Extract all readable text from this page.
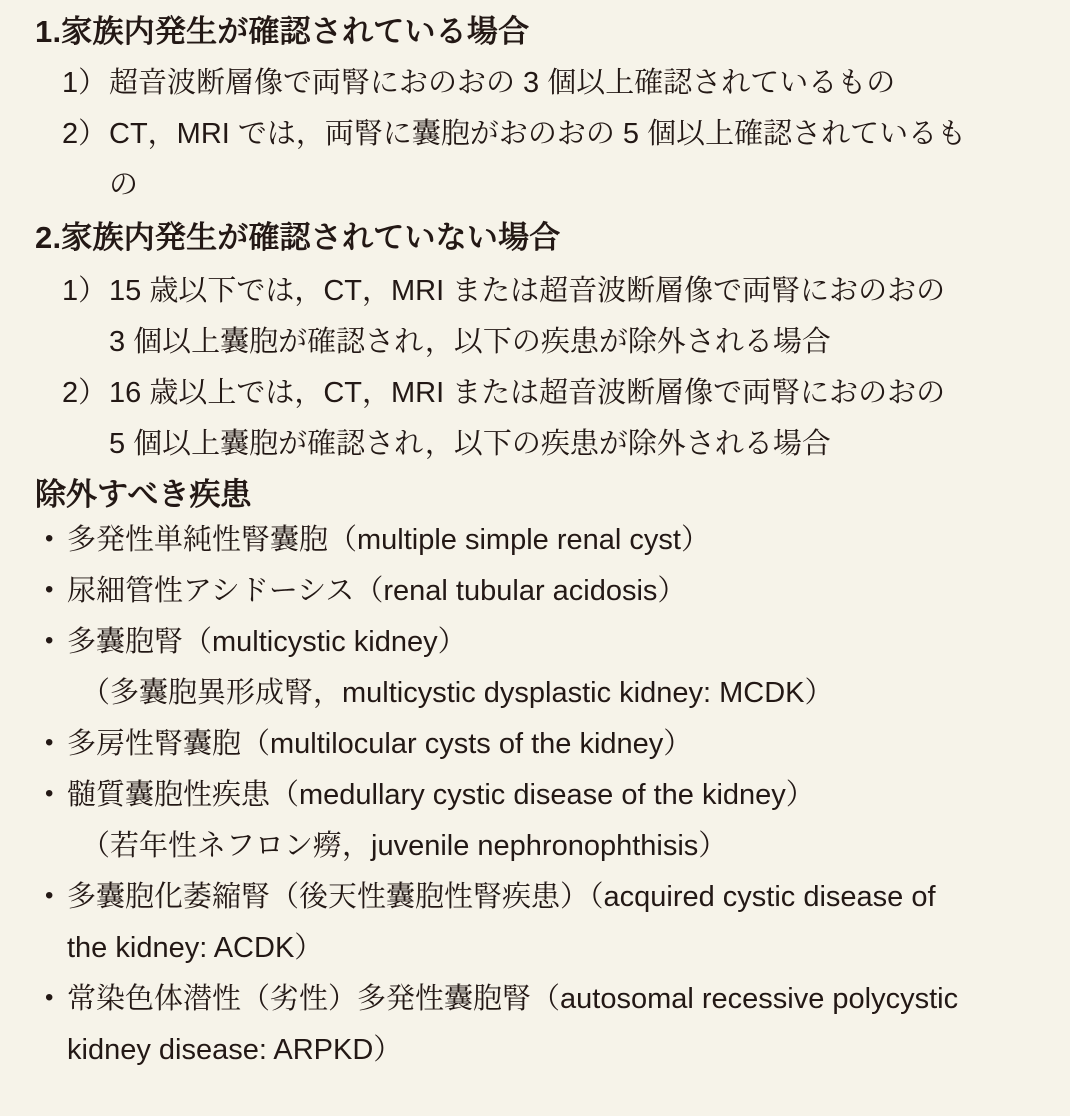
1.家族内発生が確認されている場合
1） 超音波断層像で両腎におのおの 3 個以上確認されているもの
2） CT，MRI では，両腎に囊胞がおのおの 5 個以上確認されているも
の
2.家族内発生が確認されていない場合
1） 15 歳以下では，CT，MRI または超音波断層像で両腎におのおの
3 個以上囊胞が確認され，以下の疾患が除外される場合
2） 16 歳以上では，CT，MRI または超音波断層像で両腎におのおの
5 個以上囊胞が確認され，以下の疾患が除外される場合
除外すべき疾患
• 多発性単純性腎囊胞（multiple simple renal cyst）
• 尿細管性アシドーシス（renal tubular acidosis）
• 多囊胞腎（multicystic kidney）
（多囊胞異形成腎，multicystic dysplastic kidney: MCDK）
• 多房性腎囊胞（multilocular cysts of the kidney）
• 髄質囊胞性疾患（medullary cystic disease of the kidney）
（若年性ネフロン癆，juvenile nephronophthisis）
• 多囊胞化萎縮腎（後天性囊胞性腎疾患）（acquired cystic disease of
the kidney: ACDK）
• 常染色体潜性（劣性）多発性囊胞腎（autosomal recessive polycystic
kidney disease: ARPKD）
